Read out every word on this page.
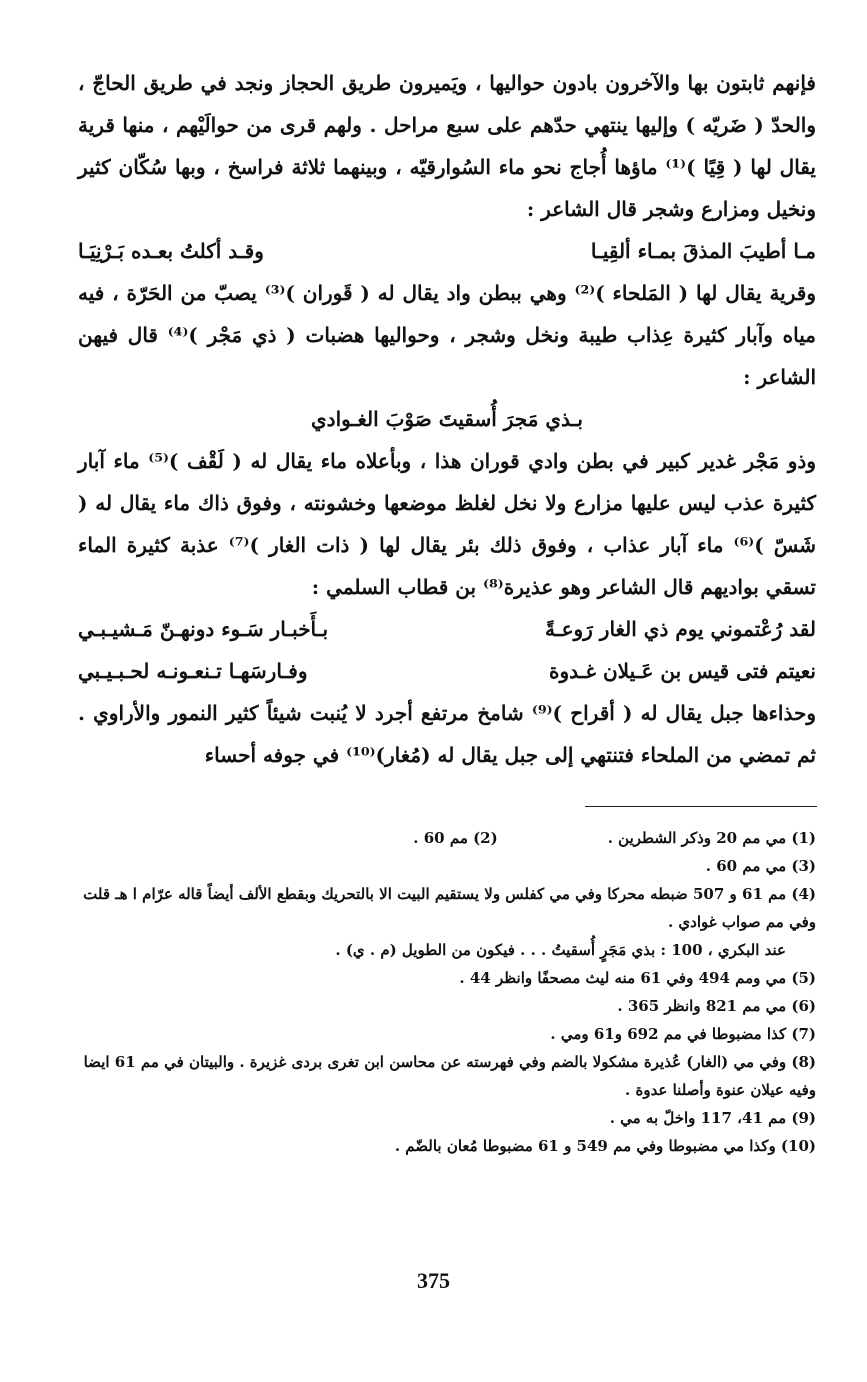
فإنهم ثابتون بها والآخرون بادون حواليها ، ويَميرون طريق الحجاز ونجد في طريق الحاجّ ، والحدّ ( ضَريّه ) وإليها ينتهي حدّهم على سبع مراحل . ولهم قرى من حوالَيْهم ، منها قرية يقال لها ( قِيًا )⁽¹⁾ ماؤها أُجاج نحو ماء السُوارقيّه ، وبينهما ثلاثة فراسخ ، وبها سُكّان كثير ونخيل ومزارع وشجر قال الشاعر :

مـا أطيبَ المذقَ بمـاء ألقِيـا
وقـد أكلتُ بعـده بَـرْنِيَـا

وقرية يقال لها ( المَلحاء )⁽²⁾ وهي ببطن واد يقال له ( قَوران )⁽³⁾ يصبّ من الحَرّة ، فيه مياه وآبار كثيرة عِذاب طيبة ونخل وشجر ، وحواليها هضبات ( ذي مَجْر )⁽⁴⁾ قال فيهن الشاعر :

بـذي مَجرَ أُسقيتَ صَوْبَ الغـوادي

وذو مَجْر غدير كبير في بطن وادي قوران هذا ، وبأعلاه ماء يقال له ( لَقْف )⁽⁵⁾ ماء آبار كثيرة عذب ليس عليها مزارع ولا نخل لغلظ موضعها وخشونته ، وفوق ذاك ماء يقال له ( شَسّ )⁽⁶⁾ ماء آبار عذاب ، وفوق ذلك بئر يقال لها ( ذات الغار )⁽⁷⁾ عذبة كثيرة الماء تسقي بواديهم قال الشاعر وهو عذيرة⁽⁸⁾ بن قطاب السلمي :

لقد رُعْتموني يوم ذي الغار رَوعـةً
بـأَخبـار سَـوء دونهـنّ مَـشيـبـي
نعيتم فتى قيس بن عَـيلان غـدوة
وفـارسَهـا تـنعـونـه لحـبـيـبي

وحذاءها جبل يقال له ( أقراح )⁽⁹⁾ شامخ مرتفع أجرد لا يُنبت شيئاً كثير النمور والأراوي . ثم تمضي من الملحاء فتنتهي إلى جبل يقال له (مُغار)⁽¹⁰⁾ في جوفه أحساء

(1) مي مم 20 وذكر الشطرين .
(2) مم 60 .

(3) مي مم 60 .

(4) مم 61 و 507 ضبطه محركا وفي مي كفلس ولا يستقيم البيت الا بالتحريك وبقطع الألف أيضاً قاله عرّام ا هـ قلت وفي مم صواب غوادي .

عند البكري ، 100 : بذي مَجَرٍ أُسقيتُ . . . فيكون من الطويل (م . ي) .

(5) مي ومم 494 وفي 61 منه ليث مصحفًا وانظر 44 .

(6) مي مم 821 وانظر 365 .

(7) كذا مضبوطا في مم 692 و61 ومي .

(8) وفي مي (الغار) عُذيرة مشكولا بالضم وفي فهرسته عن محاسن ابن تغرى بردى غزيرة . والبيتان في مم 61 ايضا وفيه عيلان عنوة وأصلنا عدوة .

(9) مم 41، 117 واخلّ به مي .

(10) وكذا مي مضبوطا وفي مم 549 و 61 مضبوطا مُعان بالضّم .

375
